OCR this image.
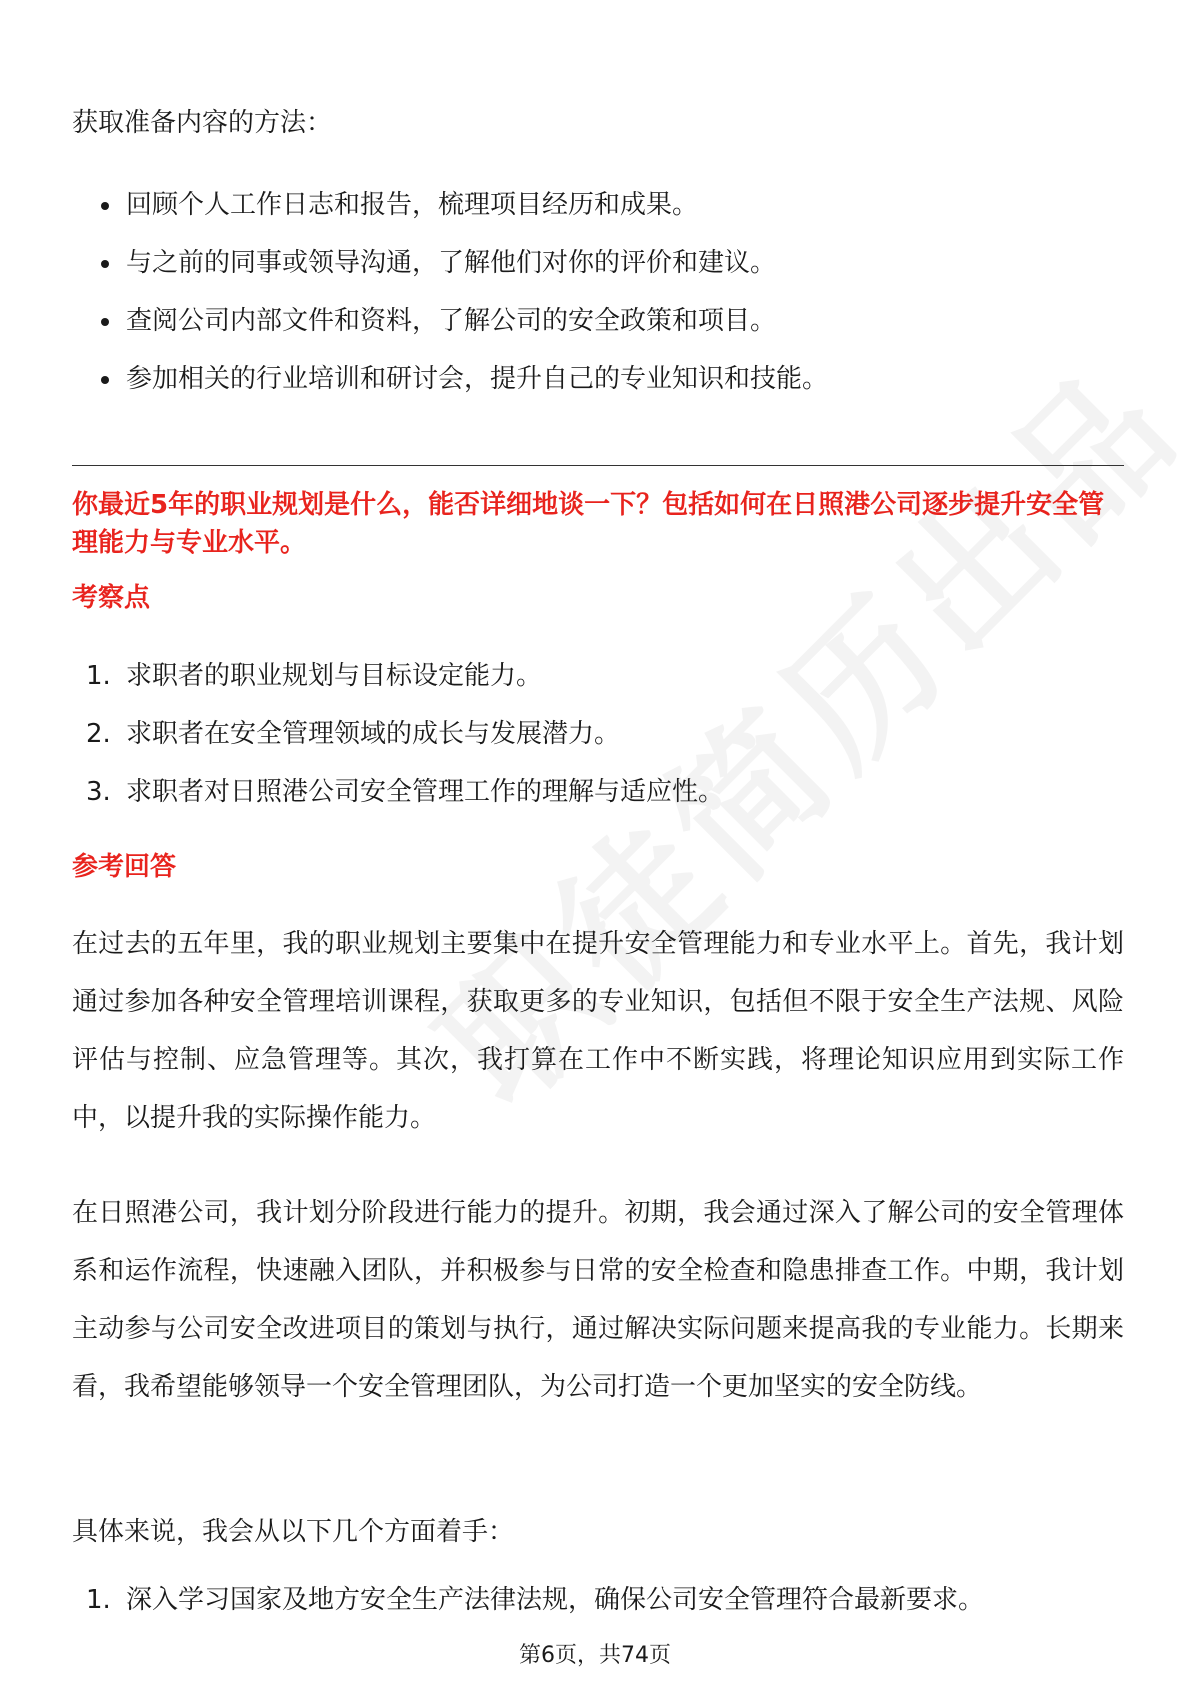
获取准备内容的方法：
回顾个人工作日志和报告，梳理项目经历和成果。
与之前的同事或领导沟通，了解他们对你的评价和建议。
查阅公司内部文件和资料，了解公司的安全政策和项目。
参加相关的行业培训和研讨会，提升自己的专业知识和技能。
你最近5年的职业规划是什么，能否详细地谈一下？包括如何在日照港公司逐步提升安全管理能力与专业水平。
考察点
1. 求职者的职业规划与目标设定能力。
2. 求职者在安全管理领域的成长与发展潜力。
3. 求职者对日照港公司安全管理工作的理解与适应性。
参考回答
在过去的五年里，我的职业规划主要集中在提升安全管理能力和专业水平上。首先，我计划通过参加各种安全管理培训课程，获取更多的专业知识，包括但不限于安全生产法规、风险评估与控制、应急管理等。其次，我打算在工作中不断实践，将理论知识应用到实际工作中，以提升我的实际操作能力。
在日照港公司，我计划分阶段进行能力的提升。初期，我会通过深入了解公司的安全管理体系和运作流程，快速融入团队，并积极参与日常的安全检查和隐患排查工作。中期，我计划主动参与公司安全改进项目的策划与执行，通过解决实际问题来提高我的专业能力。长期来看，我希望能够领导一个安全管理团队，为公司打造一个更加坚实的安全防线。
具体来说，我会从以下几个方面着手：
1. 深入学习国家及地方安全生产法律法规，确保公司安全管理符合最新要求。
第6页，共74页
